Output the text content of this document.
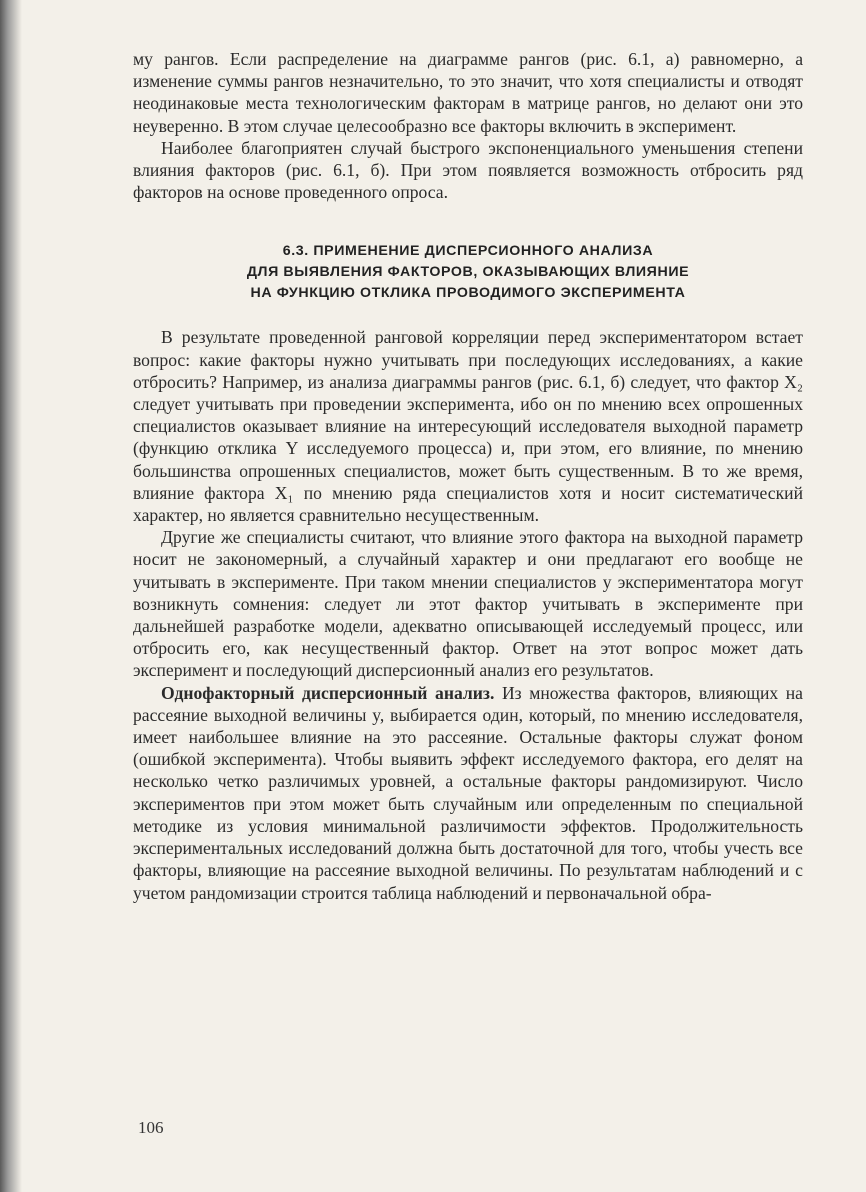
му рангов. Если распределение на диаграмме рангов (рис. 6.1, а) равномерно, а изменение суммы рангов незначительно, то это значит, что хотя специалисты и отводят неодинаковые места технологическим факторам в матрице рангов, но делают они это неуверенно. В этом случае целесообразно все факторы включить в эксперимент.

Наиболее благоприятен случай быстрого экспоненциального уменьшения степени влияния факторов (рис. 6.1, б). При этом появляется возможность отбросить ряд факторов на основе проведенного опроса.

6.3. ПРИМЕНЕНИЕ ДИСПЕРСИОННОГО АНАЛИЗА
ДЛЯ ВЫЯВЛЕНИЯ ФАКТОРОВ, ОКАЗЫВАЮЩИХ ВЛИЯНИЕ
НА ФУНКЦИЮ ОТКЛИКА ПРОВОДИМОГО ЭКСПЕРИМЕНТА

В результате проведенной ранговой корреляции перед экспериментатором встает вопрос: какие факторы нужно учитывать при последующих исследованиях, а какие отбросить? Например, из анализа диаграммы рангов (рис. 6.1, б) следует, что фактор X₂ следует учитывать при проведении эксперимента, ибо он по мнению всех опрошенных специалистов оказывает влияние на интересующий исследователя выходной параметр (функцию отклика Y исследуемого процесса) и, при этом, его влияние, по мнению большинства опрошенных специалистов, может быть существенным. В то же время, влияние фактора X₁ по мнению ряда специалистов хотя и носит систематический характер, но является сравнительно несущественным.

Другие же специалисты считают, что влияние этого фактора на выходной параметр носит не закономерный, а случайный характер и они предлагают его вообще не учитывать в эксперименте. При таком мнении специалистов у экспериментатора могут возникнуть сомнения: следует ли этот фактор учитывать в эксперименте при дальнейшей разработке модели, адекватно описывающей исследуемый процесс, или отбросить его, как несущественный фактор. Ответ на этот вопрос может дать эксперимент и последующий дисперсионный анализ его результатов.

Однофакторный дисперсионный анализ. Из множества факторов, влияющих на рассеяние выходной величины y, выбирается один, который, по мнению исследователя, имеет наибольшее влияние на это рассеяние. Остальные факторы служат фоном (ошибкой эксперимента). Чтобы выявить эффект исследуемого фактора, его делят на несколько четко различимых уровней, а остальные факторы рандомизируют. Число экспериментов при этом может быть случайным или определенным по специальной методике из условия минимальной различимости эффектов. Продолжительность экспериментальных исследований должна быть достаточной для того, чтобы учесть все факторы, влияющие на рассеяние выходной величины. По результатам наблюдений и с учетом рандомизации строится таблица наблюдений и первоначальной обра-

106
